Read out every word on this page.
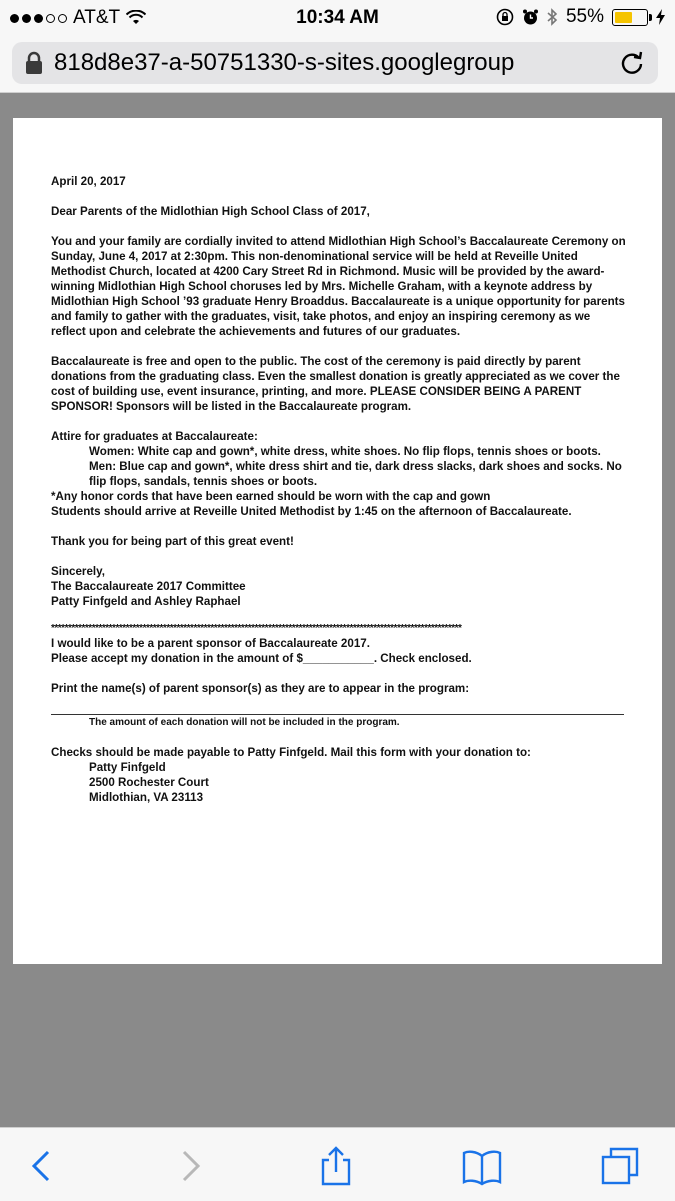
AT&T	10:34 AM	55%
818d8e37-a-50751330-s-sites.googlegroup

April 20, 2017

Dear Parents of the Midlothian High School Class of 2017,

You and your family are cordially invited to attend Midlothian High School’s Baccalaureate Ceremony on Sunday, June 4, 2017 at 2:30pm. This non-denominational service will be held at Reveille United Methodist Church, located at 4200 Cary Street Rd in Richmond. Music will be provided by the award-winning Midlothian High School choruses led by Mrs. Michelle Graham, with a keynote address by Midlothian High School ’93 graduate Henry Broaddus. Baccalaureate is a unique opportunity for parents and family to gather with the graduates, visit, take photos, and enjoy an inspiring ceremony as we reflect upon and celebrate the achievements and futures of our graduates.

Baccalaureate is free and open to the public. The cost of the ceremony is paid directly by parent donations from the graduating class. Even the smallest donation is greatly appreciated as we cover the cost of building use, event insurance, printing, and more. PLEASE CONSIDER BEING A PARENT SPONSOR! Sponsors will be listed in the Baccalaureate program.

Attire for graduates at Baccalaureate:

Women: White cap and gown*, white dress, white shoes. No flip flops, tennis shoes or boots.

Men: Blue cap and gown*, white dress shirt and tie, dark dress slacks, dark shoes and socks. No flip flops, sandals, tennis shoes or boots.

*Any honor cords that have been earned should be worn with the cap and gown

Students should arrive at Reveille United Methodist by 1:45 on the afternoon of Baccalaureate.

Thank you for being part of this great event!

Sincerely,

The Baccalaureate 2017 Committee

Patty Finfgeld and Ashley Raphael

*************************************************************************************************************************

I would like to be a parent sponsor of Baccalaureate 2017.

Please accept my donation in the amount of $___________. Check enclosed.

Print the name(s) of parent sponsor(s) as they are to appear in the program:

The amount of each donation will not be included in the program.

Checks should be made payable to Patty Finfgeld. Mail this form with your donation to:

Patty Finfgeld

2500 Rochester Court

Midlothian, VA 23113
